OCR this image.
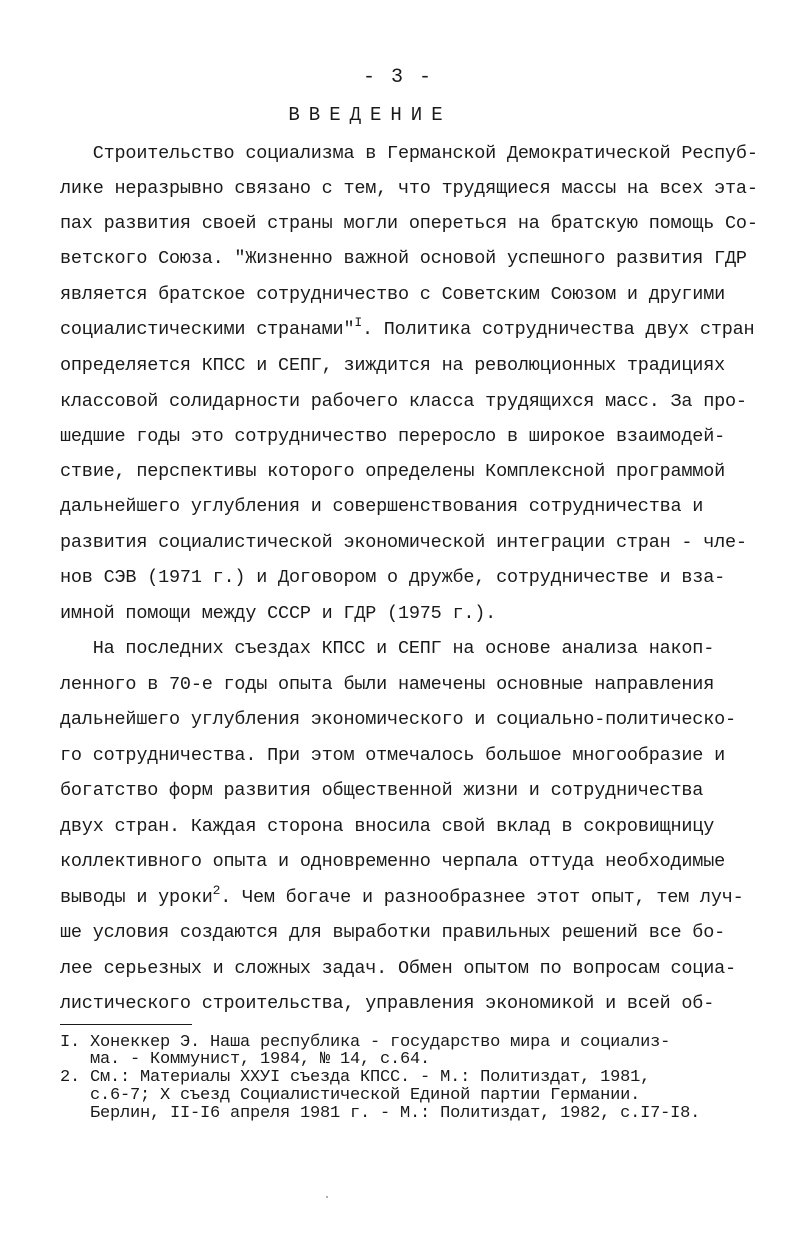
- 3 -
ВВЕДЕНИЕ
Строительство социализма в Германской Демократической Респуб-
лике неразрывно связано с тем, что трудящиеся массы на всех эта-
пах развития своей страны могли опереться на братскую помощь Со-
ветского Союза. "Жизненно важной основой успешного развития ГДР
является братское сотрудничество с Советским Союзом и другими
социалистическими странами"$^I$. Политика сотрудничества двух стран
определяется КПСС и СЕПГ, зиждится на революционных традициях
классовой солидарности рабочего класса трудящихся масс. За про-
шедшие годы это сотрудничество переросло в широкое взаимодей-
ствие, перспективы которого определены Комплексной программой
дальнейшего углубления и совершенствования сотрудничества и
развития социалистической экономической интеграции стран - чле-
нов СЭВ (1971 г.) и Договором о дружбе, сотрудничестве и вза-
имной помощи между СССР и ГДР (1975 г.).
На последних съездах КПСС и СЕПГ на основе анализа накоп-
ленного в 70-е годы опыта были намечены основные направления
дальнейшего углубления экономического и социально-политическо-
го сотрудничества. При этом отмечалось большое многообразие и
богатство форм развития общественной жизни и сотрудничества
двух стран. Каждая сторона вносила свой вклад в сокровищницу
коллективного опыта и одновременно черпала оттуда необходимые
выводы и уроки$^2$. Чем богаче и разнообразнее этот опыт, тем луч-
ше условия создаются для выработки правильных решений все бо-
лее серьезных и сложных задач. Обмен опытом по вопросам социа-
листического строительства, управления экономикой и всей об-
I. Хонеккер Э. Наша республика - государство мира и социализ-
ма. - Коммунист, 1984, № 14, с.64.
2. См.: Материалы ХХУI съезда КПСС. - М.: Политиздат, 1981,
с.6-7; Х съезд Социалистической Единой партии Германии.
Берлин, II-I6 апреля 1981 г. - М.: Политиздат, 1982, с.I7-I8.
